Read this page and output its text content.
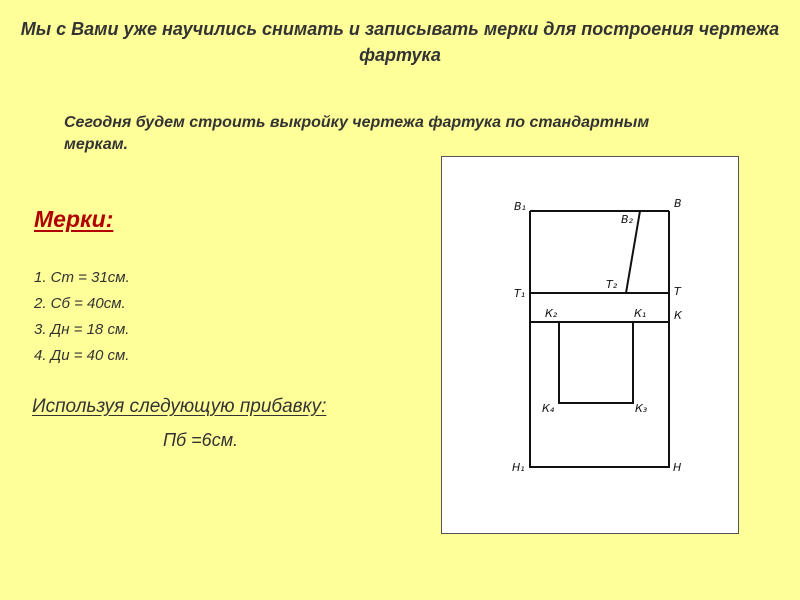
Мы с Вами уже научились снимать и записывать мерки для построения чертежа фартука
Сегодня будем строить выкройку чертежа фартука по стандартным меркам.
Мерки:
1. Ст = 31см.
2. Сб = 40см.
3. Дн = 18 см.
4. Ди = 40 см.
Используя следующую прибавку:
Пб =6см.
В₁	В
В₂
Т₁
Т₂
Т
К₂	К₁	К
К₄	К₃
Н₁	Н
